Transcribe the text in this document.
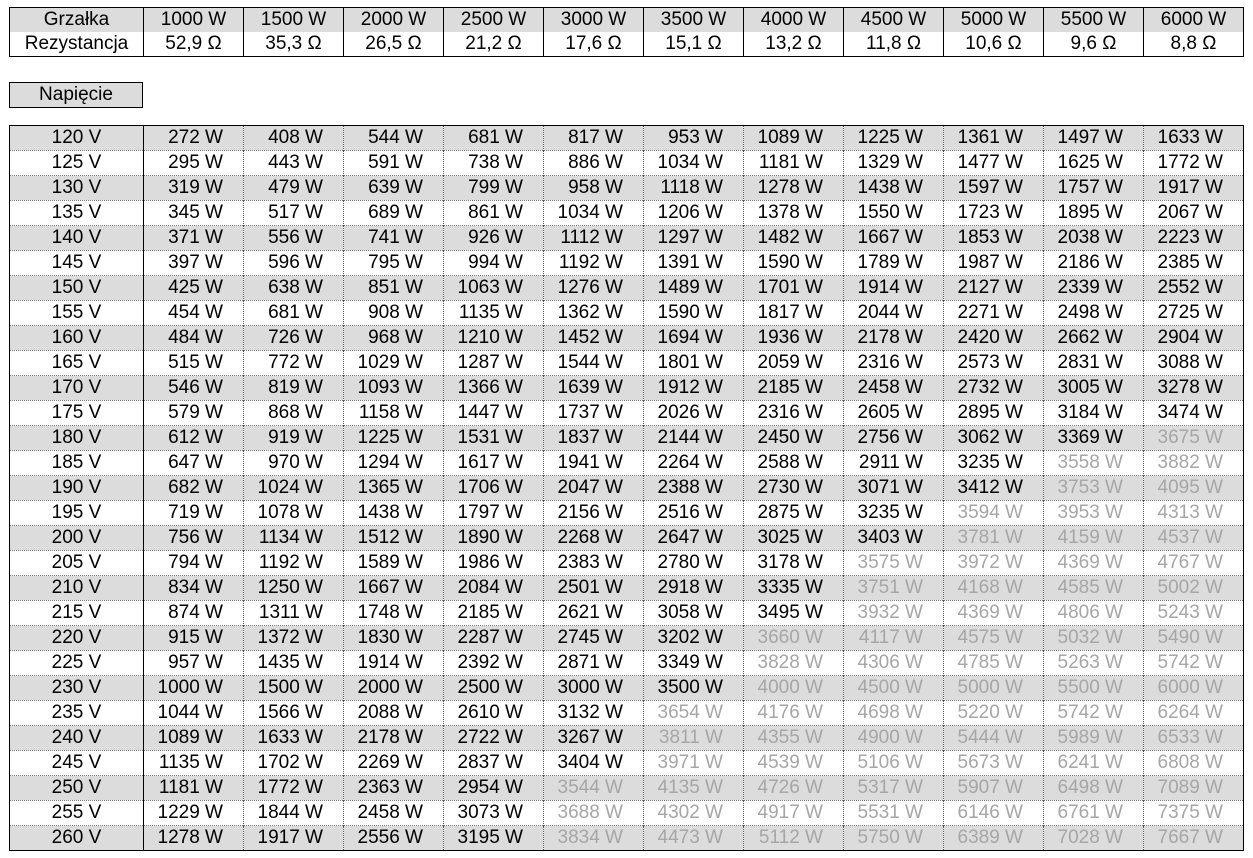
Grzałka	1000 W	1500 W	2000 W	2500 W	3000 W	3500 W	4000 W	4500 W	5000 W	5500 W	6000 W
Rezystancja	52,9 Ω	35,3 Ω	26,5 Ω	21,2 Ω	17,6 Ω	15,1 Ω	13,2 Ω	11,8 Ω	10,6 Ω	9,6 Ω	8,8 Ω
Napięcie
120 V	272 W	408 W	544 W	681 W	817 W	953 W	1089 W	1225 W	1361 W	1497 W	1633 W
125 V	295 W	443 W	591 W	738 W	886 W	1034 W	1181 W	1329 W	1477 W	1625 W	1772 W
130 V	319 W	479 W	639 W	799 W	958 W	1118 W	1278 W	1438 W	1597 W	1757 W	1917 W
135 V	345 W	517 W	689 W	861 W	1034 W	1206 W	1378 W	1550 W	1723 W	1895 W	2067 W
140 V	371 W	556 W	741 W	926 W	1112 W	1297 W	1482 W	1667 W	1853 W	2038 W	2223 W
145 V	397 W	596 W	795 W	994 W	1192 W	1391 W	1590 W	1789 W	1987 W	2186 W	2385 W
150 V	425 W	638 W	851 W	1063 W	1276 W	1489 W	1701 W	1914 W	2127 W	2339 W	2552 W
155 V	454 W	681 W	908 W	1135 W	1362 W	1590 W	1817 W	2044 W	2271 W	2498 W	2725 W
160 V	484 W	726 W	968 W	1210 W	1452 W	1694 W	1936 W	2178 W	2420 W	2662 W	2904 W
165 V	515 W	772 W	1029 W	1287 W	1544 W	1801 W	2059 W	2316 W	2573 W	2831 W	3088 W
170 V	546 W	819 W	1093 W	1366 W	1639 W	1912 W	2185 W	2458 W	2732 W	3005 W	3278 W
175 V	579 W	868 W	1158 W	1447 W	1737 W	2026 W	2316 W	2605 W	2895 W	3184 W	3474 W
180 V	612 W	919 W	1225 W	1531 W	1837 W	2144 W	2450 W	2756 W	3062 W	3369 W	3675 W
185 V	647 W	970 W	1294 W	1617 W	1941 W	2264 W	2588 W	2911 W	3235 W	3558 W	3882 W
190 V	682 W	1024 W	1365 W	1706 W	2047 W	2388 W	2730 W	3071 W	3412 W	3753 W	4095 W
195 V	719 W	1078 W	1438 W	1797 W	2156 W	2516 W	2875 W	3235 W	3594 W	3953 W	4313 W
200 V	756 W	1134 W	1512 W	1890 W	2268 W	2647 W	3025 W	3403 W	3781 W	4159 W	4537 W
205 V	794 W	1192 W	1589 W	1986 W	2383 W	2780 W	3178 W	3575 W	3972 W	4369 W	4767 W
210 V	834 W	1250 W	1667 W	2084 W	2501 W	2918 W	3335 W	3751 W	4168 W	4585 W	5002 W
215 V	874 W	1311 W	1748 W	2185 W	2621 W	3058 W	3495 W	3932 W	4369 W	4806 W	5243 W
220 V	915 W	1372 W	1830 W	2287 W	2745 W	3202 W	3660 W	4117 W	4575 W	5032 W	5490 W
225 V	957 W	1435 W	1914 W	2392 W	2871 W	3349 W	3828 W	4306 W	4785 W	5263 W	5742 W
230 V	1000 W	1500 W	2000 W	2500 W	3000 W	3500 W	4000 W	4500 W	5000 W	5500 W	6000 W
235 V	1044 W	1566 W	2088 W	2610 W	3132 W	3654 W	4176 W	4698 W	5220 W	5742 W	6264 W
240 V	1089 W	1633 W	2178 W	2722 W	3267 W	3811 W	4355 W	4900 W	5444 W	5989 W	6533 W
245 V	1135 W	1702 W	2269 W	2837 W	3404 W	3971 W	4539 W	5106 W	5673 W	6241 W	6808 W
250 V	1181 W	1772 W	2363 W	2954 W	3544 W	4135 W	4726 W	5317 W	5907 W	6498 W	7089 W
255 V	1229 W	1844 W	2458 W	3073 W	3688 W	4302 W	4917 W	5531 W	6146 W	6761 W	7375 W
260 V	1278 W	1917 W	2556 W	3195 W	3834 W	4473 W	5112 W	5750 W	6389 W	7028 W	7667 W
